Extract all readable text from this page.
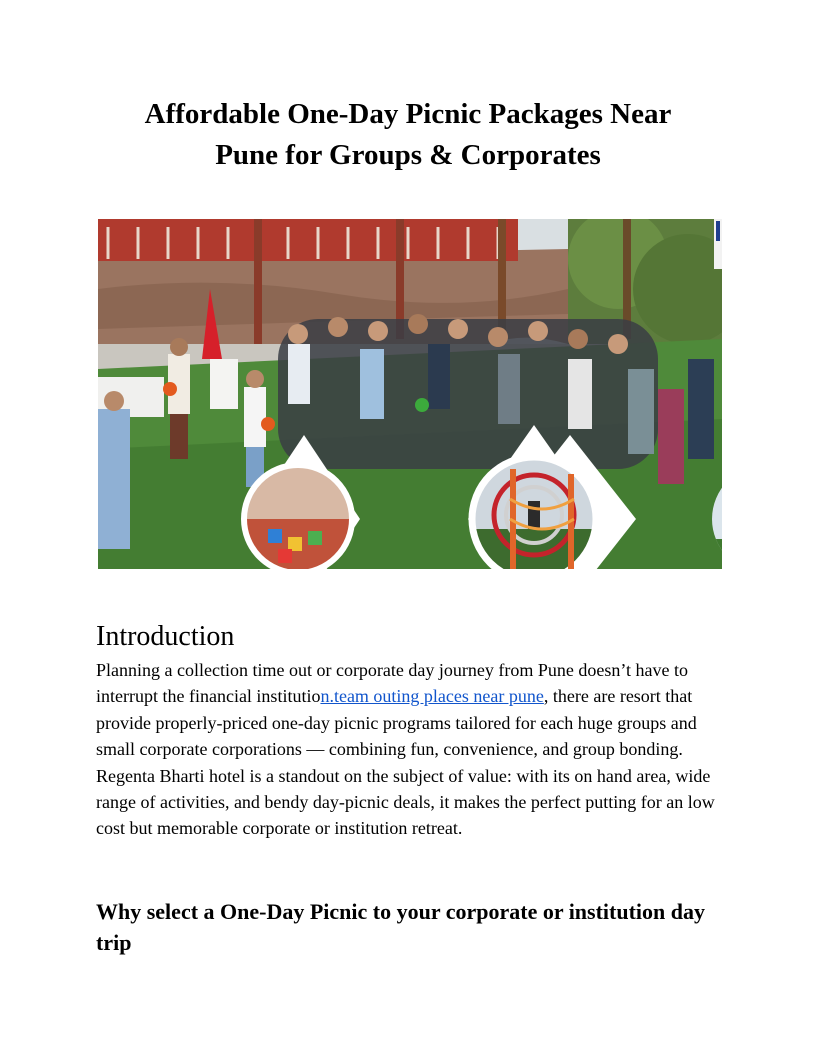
Affordable One-Day Picnic Packages Near
Pune for Groups & Corporates
Introduction

Planning a collection time out or corporate day journey from Pune doesn’t have to interrupt the financial institution.team outing places near pune, there are resort that provide properly-priced one-day picnic programs tailored for each huge groups and small corporate corporations — combining fun, convenience, and group bonding. Regenta Bharti hotel is a standout on the subject of value: with its on hand area, wide range of activities, and bendy day-picnic deals, it makes the perfect putting for an low cost but memorable corporate or institution retreat.

Why select a One-Day Picnic to your corporate or institution day trip
